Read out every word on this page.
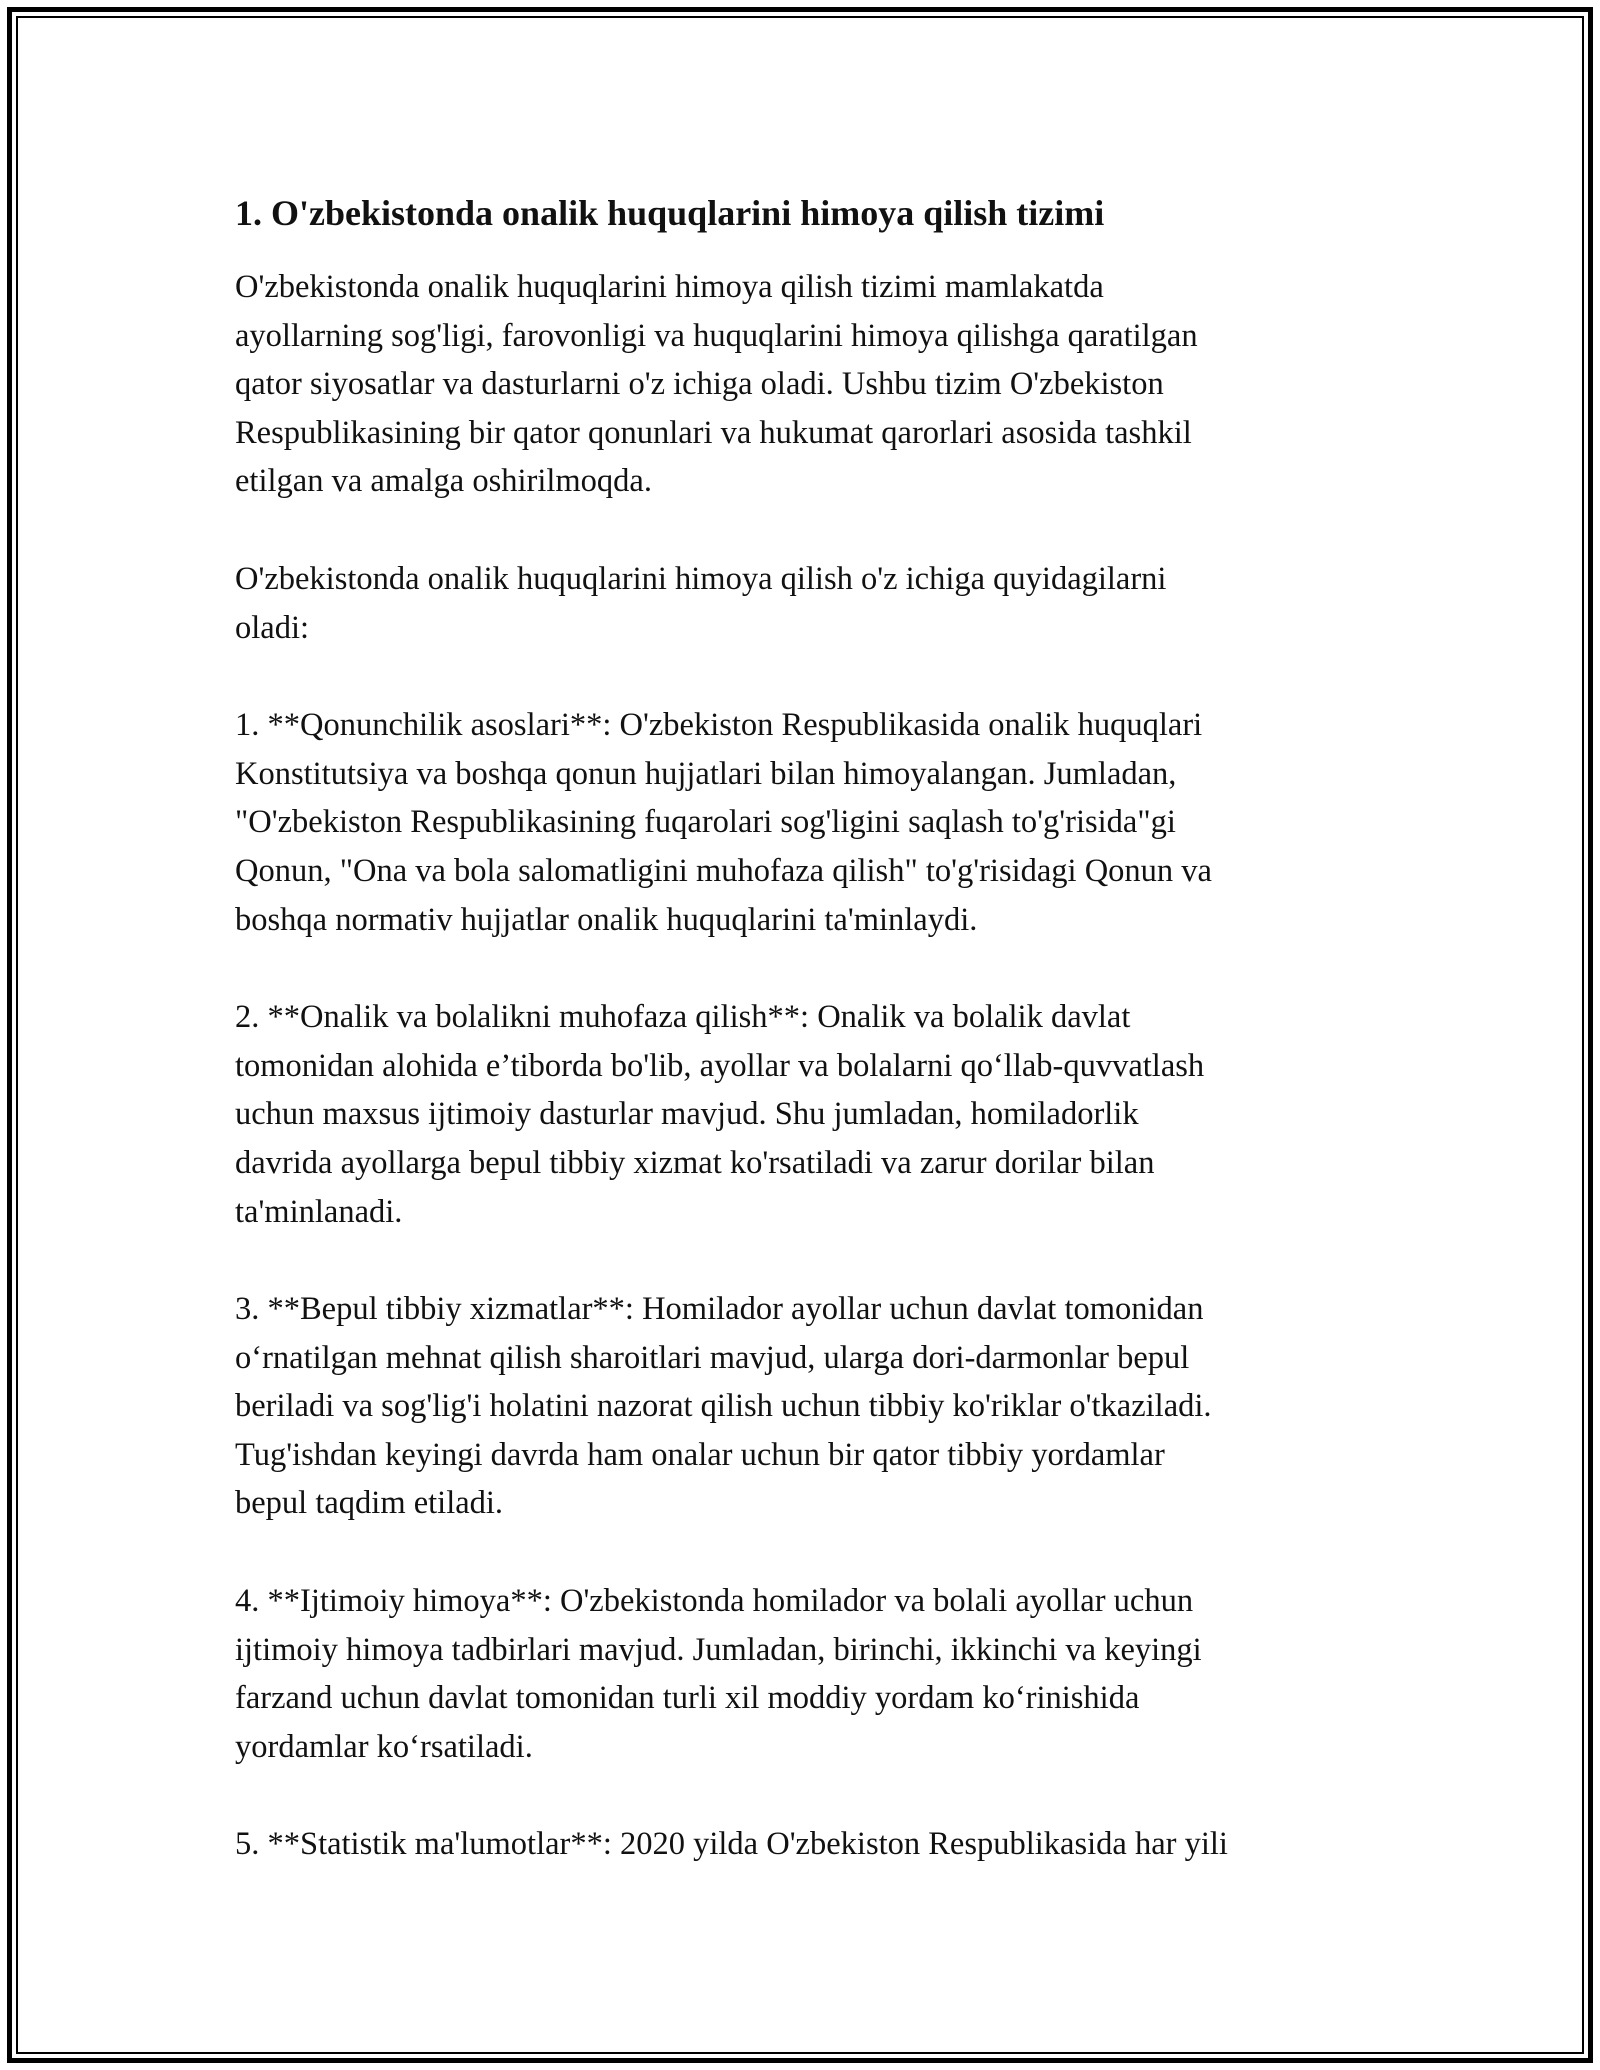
1. O'zbekistonda onalik huquqlarini himoya qilish tizimi

O'zbekistonda onalik huquqlarini himoya qilish tizimi mamlakatda
ayollarning sog'ligi, farovonligi va huquqlarini himoya qilishga qaratilgan
qator siyosatlar va dasturlarni o'z ichiga oladi. Ushbu tizim O'zbekiston
Respublikasining bir qator qonunlari va hukumat qarorlari asosida tashkil
etilgan va amalga oshirilmoqda.

O'zbekistonda onalik huquqlarini himoya qilish o'z ichiga quyidagilarni
oladi:

1. **Qonunchilik asoslari**: O'zbekiston Respublikasida onalik huquqlari
Konstitutsiya va boshqa qonun hujjatlari bilan himoyalangan. Jumladan,
"O'zbekiston Respublikasining fuqarolari sog'ligini saqlash to'g'risida"gi
Qonun, "Ona va bola salomatligini muhofaza qilish" to'g'risidagi Qonun va
boshqa normativ hujjatlar onalik huquqlarini ta'minlaydi.

2. **Onalik va bolalikni muhofaza qilish**: Onalik va bolalik davlat
tomonidan alohida e’tiborda bo'lib, ayollar va bolalarni qo‘llab-quvvatlash
uchun maxsus ijtimoiy dasturlar mavjud. Shu jumladan, homiladorlik
davrida ayollarga bepul tibbiy xizmat ko'rsatiladi va zarur dorilar bilan
ta'minlanadi.

3. **Bepul tibbiy xizmatlar**: Homilador ayollar uchun davlat tomonidan
o‘rnatilgan mehnat qilish sharoitlari mavjud, ularga dori-darmonlar bepul
beriladi va sog'lig'i holatini nazorat qilish uchun tibbiy ko'riklar o'tkaziladi.
Tug'ishdan keyingi davrda ham onalar uchun bir qator tibbiy yordamlar
bepul taqdim etiladi.

4. **Ijtimoiy himoya**: O'zbekistonda homilador va bolali ayollar uchun
ijtimoiy himoya tadbirlari mavjud. Jumladan, birinchi, ikkinchi va keyingi
farzand uchun davlat tomonidan turli xil moddiy yordam ko‘rinishida
yordamlar ko‘rsatiladi.

5. **Statistik ma'lumotlar**: 2020 yilda O'zbekiston Respublikasida har yili
